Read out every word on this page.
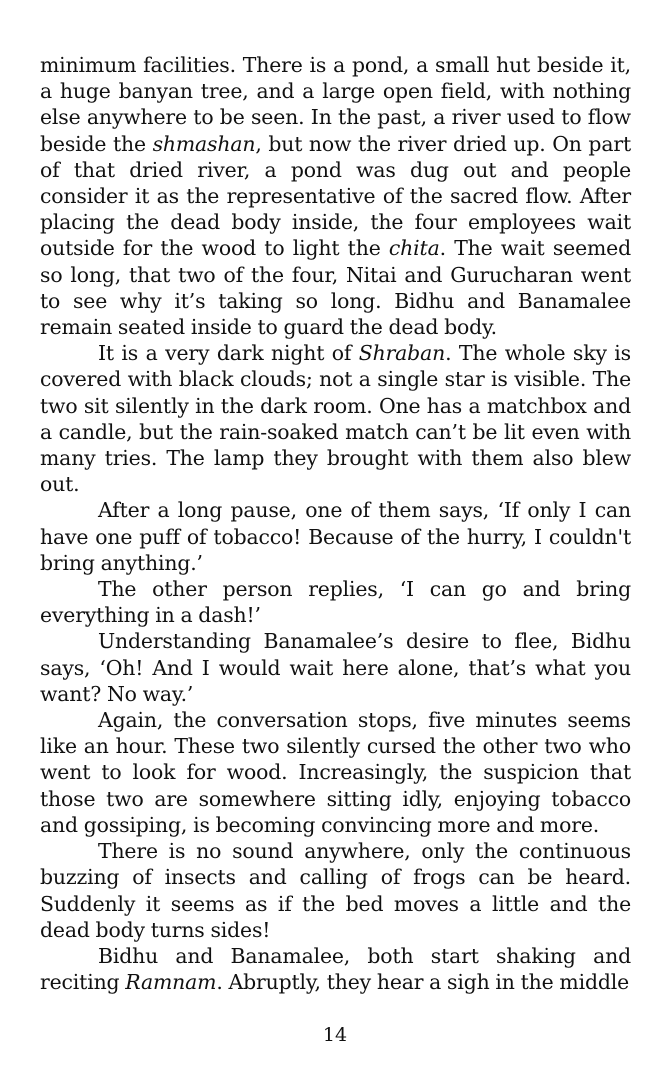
minimum facilities. There is a pond, a small hut beside it, a huge banyan tree, and a large open field, with nothing else anywhere to be seen. In the past, a river used to flow beside the shmashan, but now the river dried up. On part of that dried river, a pond was dug out and people consider it as the representative of the sacred flow. After placing the dead body inside, the four employees wait outside for the wood to light the chita. The wait seemed so long, that two of the four, Nitai and Gurucharan went to see why it’s taking so long. Bidhu and Banamalee remain seated inside to guard the dead body.

It is a very dark night of Shraban. The whole sky is covered with black clouds; not a single star is visible. The two sit silently in the dark room. One has a matchbox and a candle, but the rain-soaked match can’t be lit even with many tries. The lamp they brought with them also blew out.

After a long pause, one of them says, ‘If only I can have one puff of tobacco! Because of the hurry, I couldn't bring anything.’

The other person replies, ‘I can go and bring everything in a dash!’

Understanding Banamalee’s desire to flee, Bidhu says, ‘Oh! And I would wait here alone, that’s what you want? No way.’

Again, the conversation stops, five minutes seems like an hour. These two silently cursed the other two who went to look for wood. Increasingly, the suspicion that those two are somewhere sitting idly, enjoying tobacco and gossiping, is becoming convincing more and more.

There is no sound anywhere, only the continuous buzzing of insects and calling of frogs can be heard. Suddenly it seems as if the bed moves a little and the dead body turns sides!

Bidhu and Banamalee, both start shaking and reciting Ramnam. Abruptly, they hear a sigh in the middle

14
